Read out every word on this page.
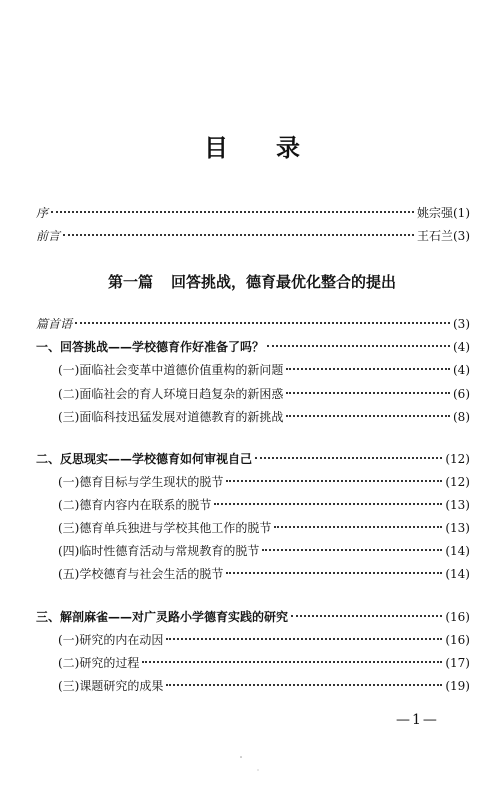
目 录
序	姚宗强(1)
前言	王石兰(3)
第一篇 回答挑战，德育最优化整合的提出
篇首语	(3)
一、回答挑战——学校德育作好准备了吗？	(4)
(一)面临社会变革中道德价值重构的新问题	(4)
(二)面临社会的育人环境日趋复杂的新困惑	(6)
(三)面临科技迅猛发展对道德教育的新挑战	(8)
二、反思现实——学校德育如何审视自己	(12)
(一)德育目标与学生现状的脱节	(12)
(二)德育内容内在联系的脱节	(13)
(三)德育单兵独进与学校其他工作的脱节	(13)
(四)临时性德育活动与常规教育的脱节	(14)
(五)学校德育与社会生活的脱节	(14)
三、解剖麻雀——对广灵路小学德育实践的研究	(16)
(一)研究的内在动因	(16)
(二)研究的过程	(17)
(三)课题研究的成果	(19)
—1—
